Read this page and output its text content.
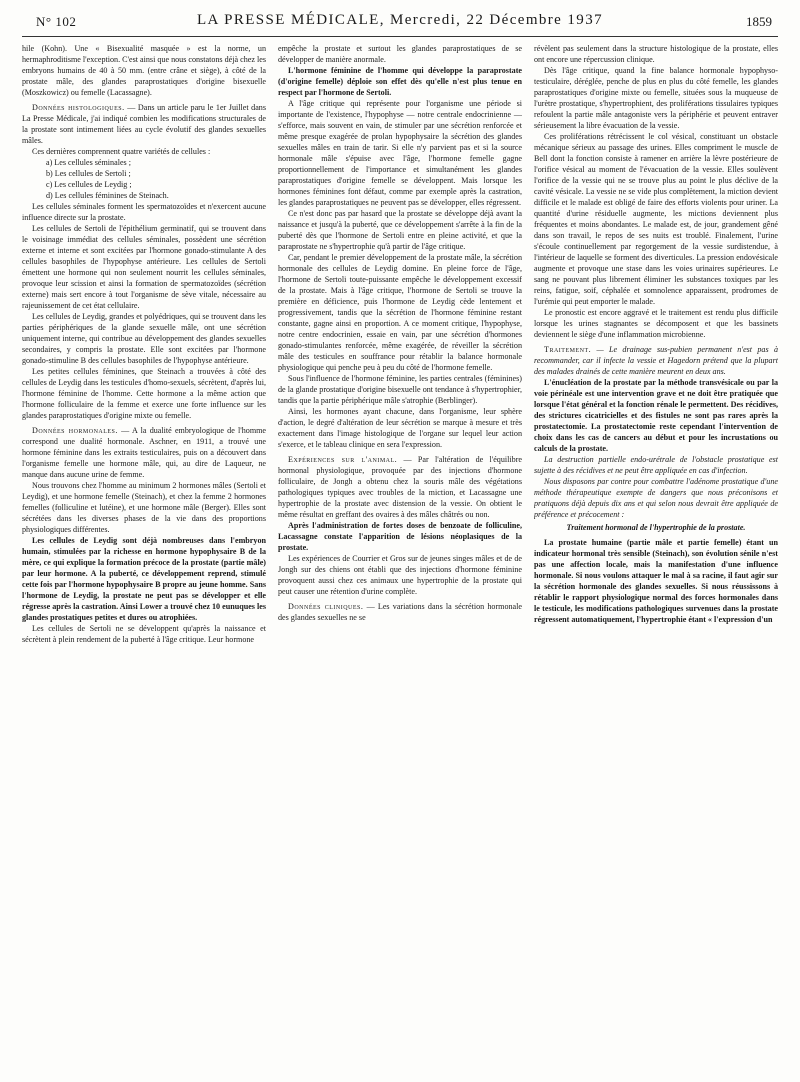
N° 102	LA PRESSE MÉDICALE, Mercredi, 22 Décembre 1937	1859

hile (Kohn). Une « Bisexualité masquée » est la norme, un hermaphroditisme l'exception. C'est ainsi que nous constatons déjà chez les embryons humains de 40 à 50 mm. (entre crâne et siège), à côté de la prostate mâle, des glandes paraprostatiques d'origine bisexuelle (Moszkowicz) ou femelle (Lacassagne).

Données histologiques. — Dans un article paru le 1er Juillet dans La Presse Médicale, j'ai indiqué combien les modifications structurales de la prostate sont intimement liées au cycle évolutif des glandes sexuelles mâles.

Ces dernières comprennent quatre variétés de cellules :

a) Les cellules séminales ;

b) Les cellules de Sertoli ;

c) Les cellules de Leydig ;

d) Les cellules féminines de Steinach.

Les cellules séminales forment les spermatozoïdes et n'exercent aucune influence directe sur la prostate.

Les cellules de Sertoli de l'épithélium germinatif, qui se trouvent dans le voisinage immédiat des cellules séminales, possèdent une sécrétion externe et interne et sont excitées par l'hormone gonado-stimulante A des cellules basophiles de l'hypophyse antérieure. Les cellules de Sertoli émettent une hormone qui non seulement nourrit les cellules séminales, provoque leur scission et ainsi la formation de spermatozoïdes (sécrétion externe) mais sert encore à tout l'organisme de sève vitale, nécessaire au rajeunissement de cet état cellulaire.

Les cellules de Leydig, grandes et polyédriques, qui se trouvent dans les parties périphériques de la glande sexuelle mâle, ont une sécrétion uniquement interne, qui contribue au développement des glandes sexuelles secondaires, y compris la prostate. Elle sont excitées par l'hormone gonado-stimuline B des cellules basophiles de l'hypophyse antérieure.

Les petites cellules féminines, que Steinach a trouvées à côté des cellules de Leydig dans les testicules d'homo-sexuels, sécrètent, d'après lui, l'hormone féminine de l'homme. Cette hormone a la même action que l'hormone folliculaire de la femme et exerce une forte influence sur les glandes paraprostatiques d'origine mixte ou femelle.

Données hormonales. — A la dualité embryologique de l'homme correspond une dualité hormonale. Aschner, en 1911, a trouvé une hormone féminine dans les extraits testiculaires, puis on a découvert dans l'organisme femelle une hormone mâle, qui, au dire de Laqueur, ne manque dans aucune urine de femme.

Nous trouvons chez l'homme au minimum 2 hormones mâles (Sertoli et Leydig), et une hormone femelle (Steinach), et chez la femme 2 hormones femelles (folliculine et lutéine), et une hormone mâle (Berger). Elles sont sécrétées dans les diverses phases de la vie dans des proportions physiologiques différentes.

Les cellules de Leydig sont déjà nombreuses dans l'embryon humain, stimulées par la richesse en hormone hypophysaire B de la mère, ce qui explique la formation précoce de la prostate (partie mâle) par leur hormone. A la puberté, ce développement reprend, stimulé cette fois par l'hormone hypophysaire B propre au jeune homme. Sans l'hormone de Leydig, la prostate ne peut pas se développer et elle régresse après la castration. Ainsi Lower a trouvé chez 10 eunuques les glandes prostatiques petites et dures ou atrophiées.

Les cellules de Sertoli ne se développent qu'après la naissance et sécrètent à plein rendement de la puberté à l'âge critique. Leur hormone

empêche la prostate et surtout les glandes paraprostatiques de se développer de manière anormale.

L'hormone féminine de l'homme qui développe la paraprostate (d'origine femelle) déploie son effet dès qu'elle n'est plus tenue en respect par l'hormone de Sertoli.

A l'âge critique qui représente pour l'organisme une période si importante de l'existence, l'hypophyse — notre centrale endocrinienne — s'efforce, mais souvent en vain, de stimuler par une sécrétion renforcée et même presque exagérée de prolan hypophysaire la sécrétion des glandes sexuelles mâles en train de tarir. Si elle n'y parvient pas et si la source hormonale mâle s'épuise avec l'âge, l'hormone femelle gagne proportionnellement de l'importance et simultanément les glandes paraprostatiques d'origine femelle se développent. Mais lorsque les hormones féminines font défaut, comme par exemple après la castration, les glandes paraprostatiques ne peuvent pas se développer, elles régressent.

Ce n'est donc pas par hasard que la prostate se développe déjà avant la naissance et jusqu'à la puberté, que ce développement s'arrête à la fin de la puberté dès que l'hormone de Sertoli entre en pleine activité, et que la paraprostate ne s'hypertrophie qu'à partir de l'âge critique.

Car, pendant le premier développement de la prostate mâle, la sécrétion hormonale des cellules de Leydig domine. En pleine force de l'âge, l'hormone de Sertoli toute-puissante empêche le développement excessif de la prostate. Mais à l'âge critique, l'hormone de Sertoli se trouve la première en déficience, puis l'hormone de Leydig cède lentement et progressivement, tandis que la sécrétion de l'hormone féminine restant constante, gagne ainsi en proportion. A ce moment critique, l'hypophyse, notre centre endocrinien, essaie en vain, par une sécrétion d'hormones gonado-stimulantes renforcée, même exagérée, de réveiller la sécrétion mâle des testicules en souffrance pour rétablir la balance hormonale physiologique qui penche peu à peu du côté de l'hormone femelle.

Sous l'influence de l'hormone féminine, les parties centrales (féminines) de la glande prostatique d'origine bisexuelle ont tendance à s'hypertrophier, tandis que la partie périphérique mâle s'atrophie (Berblinger).

Ainsi, les hormones ayant chacune, dans l'organisme, leur sphère d'action, le degré d'altération de leur sécrétion se marque à mesure et très exactement dans l'image histologique de l'organe sur lequel leur action s'exerce, et le tableau clinique en sera l'expression.

Expériences sur l'animal. — Par l'altération de l'équilibre hormonal physiologique, provoquée par des injections d'hormone folliculaire, de Jongh a obtenu chez la souris mâle des végétations pathologiques typiques avec troubles de la miction, et Lacassagne une hypertrophie de la prostate avec distension de la vessie. On obtient le même résultat en greffant des ovaires à des mâles châtrés ou non.

Après l'administration de fortes doses de benzoate de folliculine, Lacassagne constate l'apparition de lésions néoplasiques de la prostate.

Les expériences de Courrier et Gros sur de jeunes singes mâles et de de Jongh sur des chiens ont établi que des injections d'hormone féminine provoquent aussi chez ces animaux une hypertrophie de la prostate qui peut causer une rétention d'urine complète.

Données cliniques. — Les variations dans la sécrétion hormonale des glandes sexuelles ne se

révèlent pas seulement dans la structure histologique de la prostate, elles ont encore une répercussion clinique.

Dès l'âge critique, quand la fine balance hormonale hypophyso-testiculaire, déréglée, penche de plus en plus du côté femelle, les glandes paraprostatiques d'origine mixte ou femelle, situées sous la muqueuse de l'urètre prostatique, s'hypertrophient, des proliférations tissulaires typiques refoulent la partie mâle antagoniste vers la périphérie et peuvent entraver sérieusement la libre évacuation de la vessie.

Ces proliférations rétrécissent le col vésical, constituant un obstacle mécanique sérieux au passage des urines. Elles compriment le muscle de Bell dont la fonction consiste à ramener en arrière la lèvre postérieure de l'orifice vésical au moment de l'évacuation de la vessie. Elles soulèvent l'orifice de la vessie qui ne se trouve plus au point le plus déclive de la cavité vésicale. La vessie ne se vide plus complètement, la miction devient difficile et le malade est obligé de faire des efforts violents pour uriner. La quantité d'urine résiduelle augmente, les mictions deviennent plus fréquentes et moins abondantes. Le malade est, de jour, grandement gêné dans son travail, le repos de ses nuits est troublé. Finalement, l'urine s'écoule continuellement par regorgement de la vessie surdistendue, à l'intérieur de laquelle se forment des diverticules. La pression endovésicale augmente et provoque une stase dans les voies urinaires supérieures. Le sang ne pouvant plus librement éliminer les substances toxiques par les reins, fatigue, soif, céphalée et somnolence apparaissent, prodromes de l'urémie qui peut emporter le malade.

Le pronostic est encore aggravé et le traitement est rendu plus difficile lorsque les urines stagnantes se décomposent et que les bassinets deviennent le siège d'une inflammation microbienne.

Traitement. — Le drainage sus-pubien permanent n'est pas à recommander, car il infecte la vessie et Hagedorn prétend que la plupart des malades drainés de cette manière meurent en deux ans.

L'énucléation de la prostate par la méthode transvésicale ou par la voie périnéale est une intervention grave et ne doit être pratiquée que lorsque l'état général et la fonction rénale le permettent. Des récidives, des strictures cicatricielles et des fistules ne sont pas rares après la prostatectomie. La prostatectomie reste cependant l'intervention de choix dans les cas de cancers au début et pour les incrustations ou calculs de la prostate.

La destruction partielle endo-urétrale de l'obstacle prostatique est sujette à des récidives et ne peut être appliquée en cas d'infection.

Nous disposons par contre pour combattre l'adénome prostatique d'une méthode thérapeutique exempte de dangers que nous préconisons et pratiquons déjà depuis dix ans et qui selon nous devrait être appliquée de préférence et précocement :

Traitement hormonal de l'hypertrophie de la prostate.

La prostate humaine (partie mâle et partie femelle) étant un indicateur hormonal très sensible (Steinach), son évolution sénile n'est pas une affection locale, mais la manifestation d'une influence hormonale. Si nous voulons attaquer le mal à sa racine, il faut agir sur la sécrétion hormonale des glandes sexuelles. Si nous réussissons à rétablir le rapport physiologique normal des forces hormonales dans le testicule, les modifications pathologiques survenues dans la prostate régressent automatiquement, l'hypertrophie étant « l'expression d'un
